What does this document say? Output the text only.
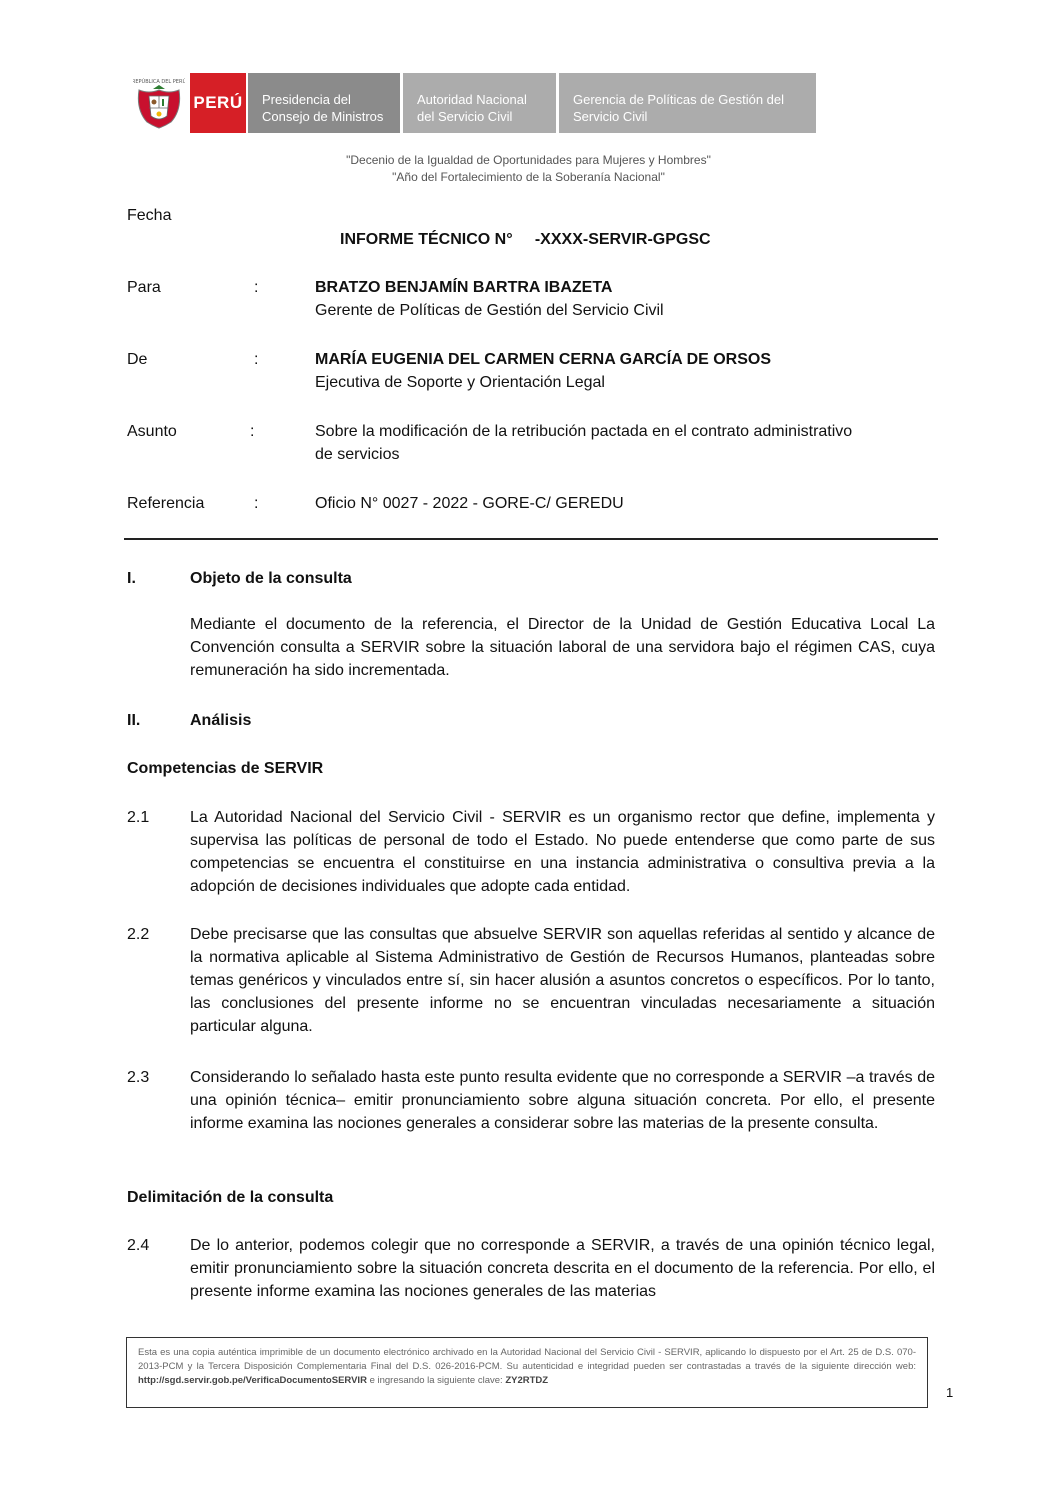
REPÚBLICA DEL PERÚ
PERÚ Presidencia del
Consejo de Ministros
Autoridad Nacional
del Servicio Civil
Gerencia de Políticas de Gestión del
Servicio Civil
"Decenio de la Igualdad de Oportunidades para Mujeres y Hombres"
"Año del Fortalecimiento de la Soberanía Nacional"
Fecha
INFORME TÉCNICO N°     -XXXX-SERVIR-GPGSC
Para	:	BRATZO BENJAMÍN BARTRA IBAZETA
Gerente de Políticas de Gestión del Servicio Civil
De	:	MARÍA EUGENIA DEL CARMEN CERNA GARCÍA DE ORSOS
Ejecutiva de Soporte y Orientación Legal
Asunto	:	Sobre la modificación de la retribución pactada en el contrato administrativo
de servicios
Referencia	:	Oficio N° 0027 - 2022 - GORE-C/ GEREDU
I.	Objeto de la consulta
Mediante el documento de la referencia, el Director de la Unidad de Gestión Educativa Local La Convención consulta a SERVIR sobre la situación laboral de una servidora bajo el régimen CAS, cuya remuneración ha sido incrementada.
II.	Análisis
Competencias de SERVIR
2.1	La Autoridad Nacional del Servicio Civil - SERVIR es un organismo rector que define, implementa y supervisa las políticas de personal de todo el Estado. No puede entenderse que como parte de sus competencias se encuentra el constituirse en una instancia administrativa o consultiva previa a la adopción de decisiones individuales que adopte cada entidad.
2.2	Debe precisarse que las consultas que absuelve SERVIR son aquellas referidas al sentido y alcance de la normativa aplicable al Sistema Administrativo de Gestión de Recursos Humanos, planteadas sobre temas genéricos y vinculados entre sí, sin hacer alusión a asuntos concretos o específicos. Por lo tanto, las conclusiones del presente informe no se encuentran vinculadas necesariamente a situación particular alguna.
2.3	Considerando lo señalado hasta este punto resulta evidente que no corresponde a SERVIR –a través de una opinión técnica– emitir pronunciamiento sobre alguna situación concreta. Por ello, el presente informe examina las nociones generales a considerar sobre las materias de la presente consulta.
Delimitación de la consulta
2.4	De lo anterior, podemos colegir que no corresponde a SERVIR, a través de una opinión técnico legal, emitir pronunciamiento sobre la situación concreta descrita en el documento de la referencia. Por ello, el presente informe examina las nociones generales de las materias
Esta es una copia auténtica imprimible de un documento electrónico archivado en la Autoridad Nacional del Servicio Civil - SERVIR, aplicando lo dispuesto por el Art. 25 de D.S. 070-2013-PCM y la Tercera Disposición Complementaria Final del D.S. 026-2016-PCM. Su autenticidad e integridad pueden ser contrastadas a través de la siguiente dirección web: http://sgd.servir.gob.pe/VerificaDocumentoSERVIR e ingresando la siguiente clave: ZY2RTDZ
1
